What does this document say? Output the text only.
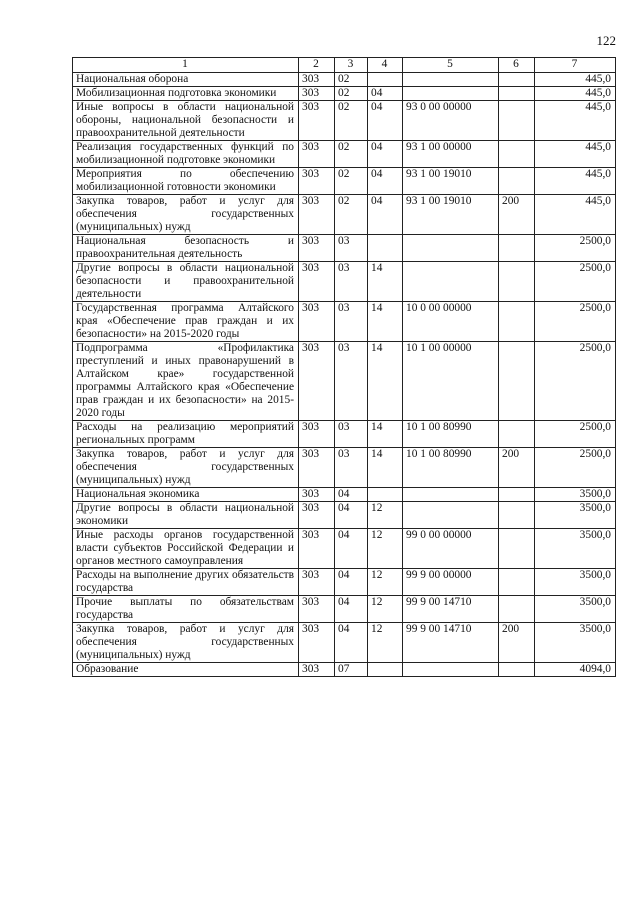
122
1	2	3	4	5	6	7
Национальная оборона	303	02				445,0
Мобилизационная подготовка экономики	303	02	04			445,0
Иные вопросы в области национальной обороны, национальной безопасности и правоохранительной деятельности	303	02	04	93 0 00 00000		445,0
Реализация государственных функций по мобилизационной подготовке экономики	303	02	04	93 1 00 00000		445,0
Мероприятия по обеспечению мобилизационной готовности экономики	303	02	04	93 1 00 19010		445,0
Закупка товаров, работ и услуг для обеспечения государственных (муниципальных) нужд	303	02	04	93 1 00 19010	200	445,0
Национальная безопасность и правоохранительная деятельность	303	03				2500,0
Другие вопросы в области национальной безопасности и правоохранительной деятельности	303	03	14			2500,0
Государственная программа Алтайского края «Обеспечение прав граждан и их безопасности» на 2015-2020 годы	303	03	14	10 0 00 00000		2500,0
Подпрограмма «Профилактика преступлений и иных правонарушений в Алтайском крае» государственной программы Алтайского края «Обеспечение прав граждан и их безопасности» на 2015-2020 годы	303	03	14	10 1 00 00000		2500,0
Расходы на реализацию мероприятий региональных программ	303	03	14	10 1 00 80990		2500,0
Закупка товаров, работ и услуг для обеспечения государственных (муниципальных) нужд	303	03	14	10 1 00 80990	200	2500,0
Национальная экономика	303	04				3500,0
Другие вопросы в области национальной экономики	303	04	12			3500,0
Иные расходы органов государственной власти субъектов Российской Федерации и органов местного самоуправления	303	04	12	99 0 00 00000		3500,0
Расходы на выполнение других обязательств государства	303	04	12	99 9 00 00000		3500,0
Прочие выплаты по обязательствам государства	303	04	12	99 9 00 14710		3500,0
Закупка товаров, работ и услуг для обеспечения государственных (муниципальных) нужд	303	04	12	99 9 00 14710	200	3500,0
Образование	303	07				4094,0
